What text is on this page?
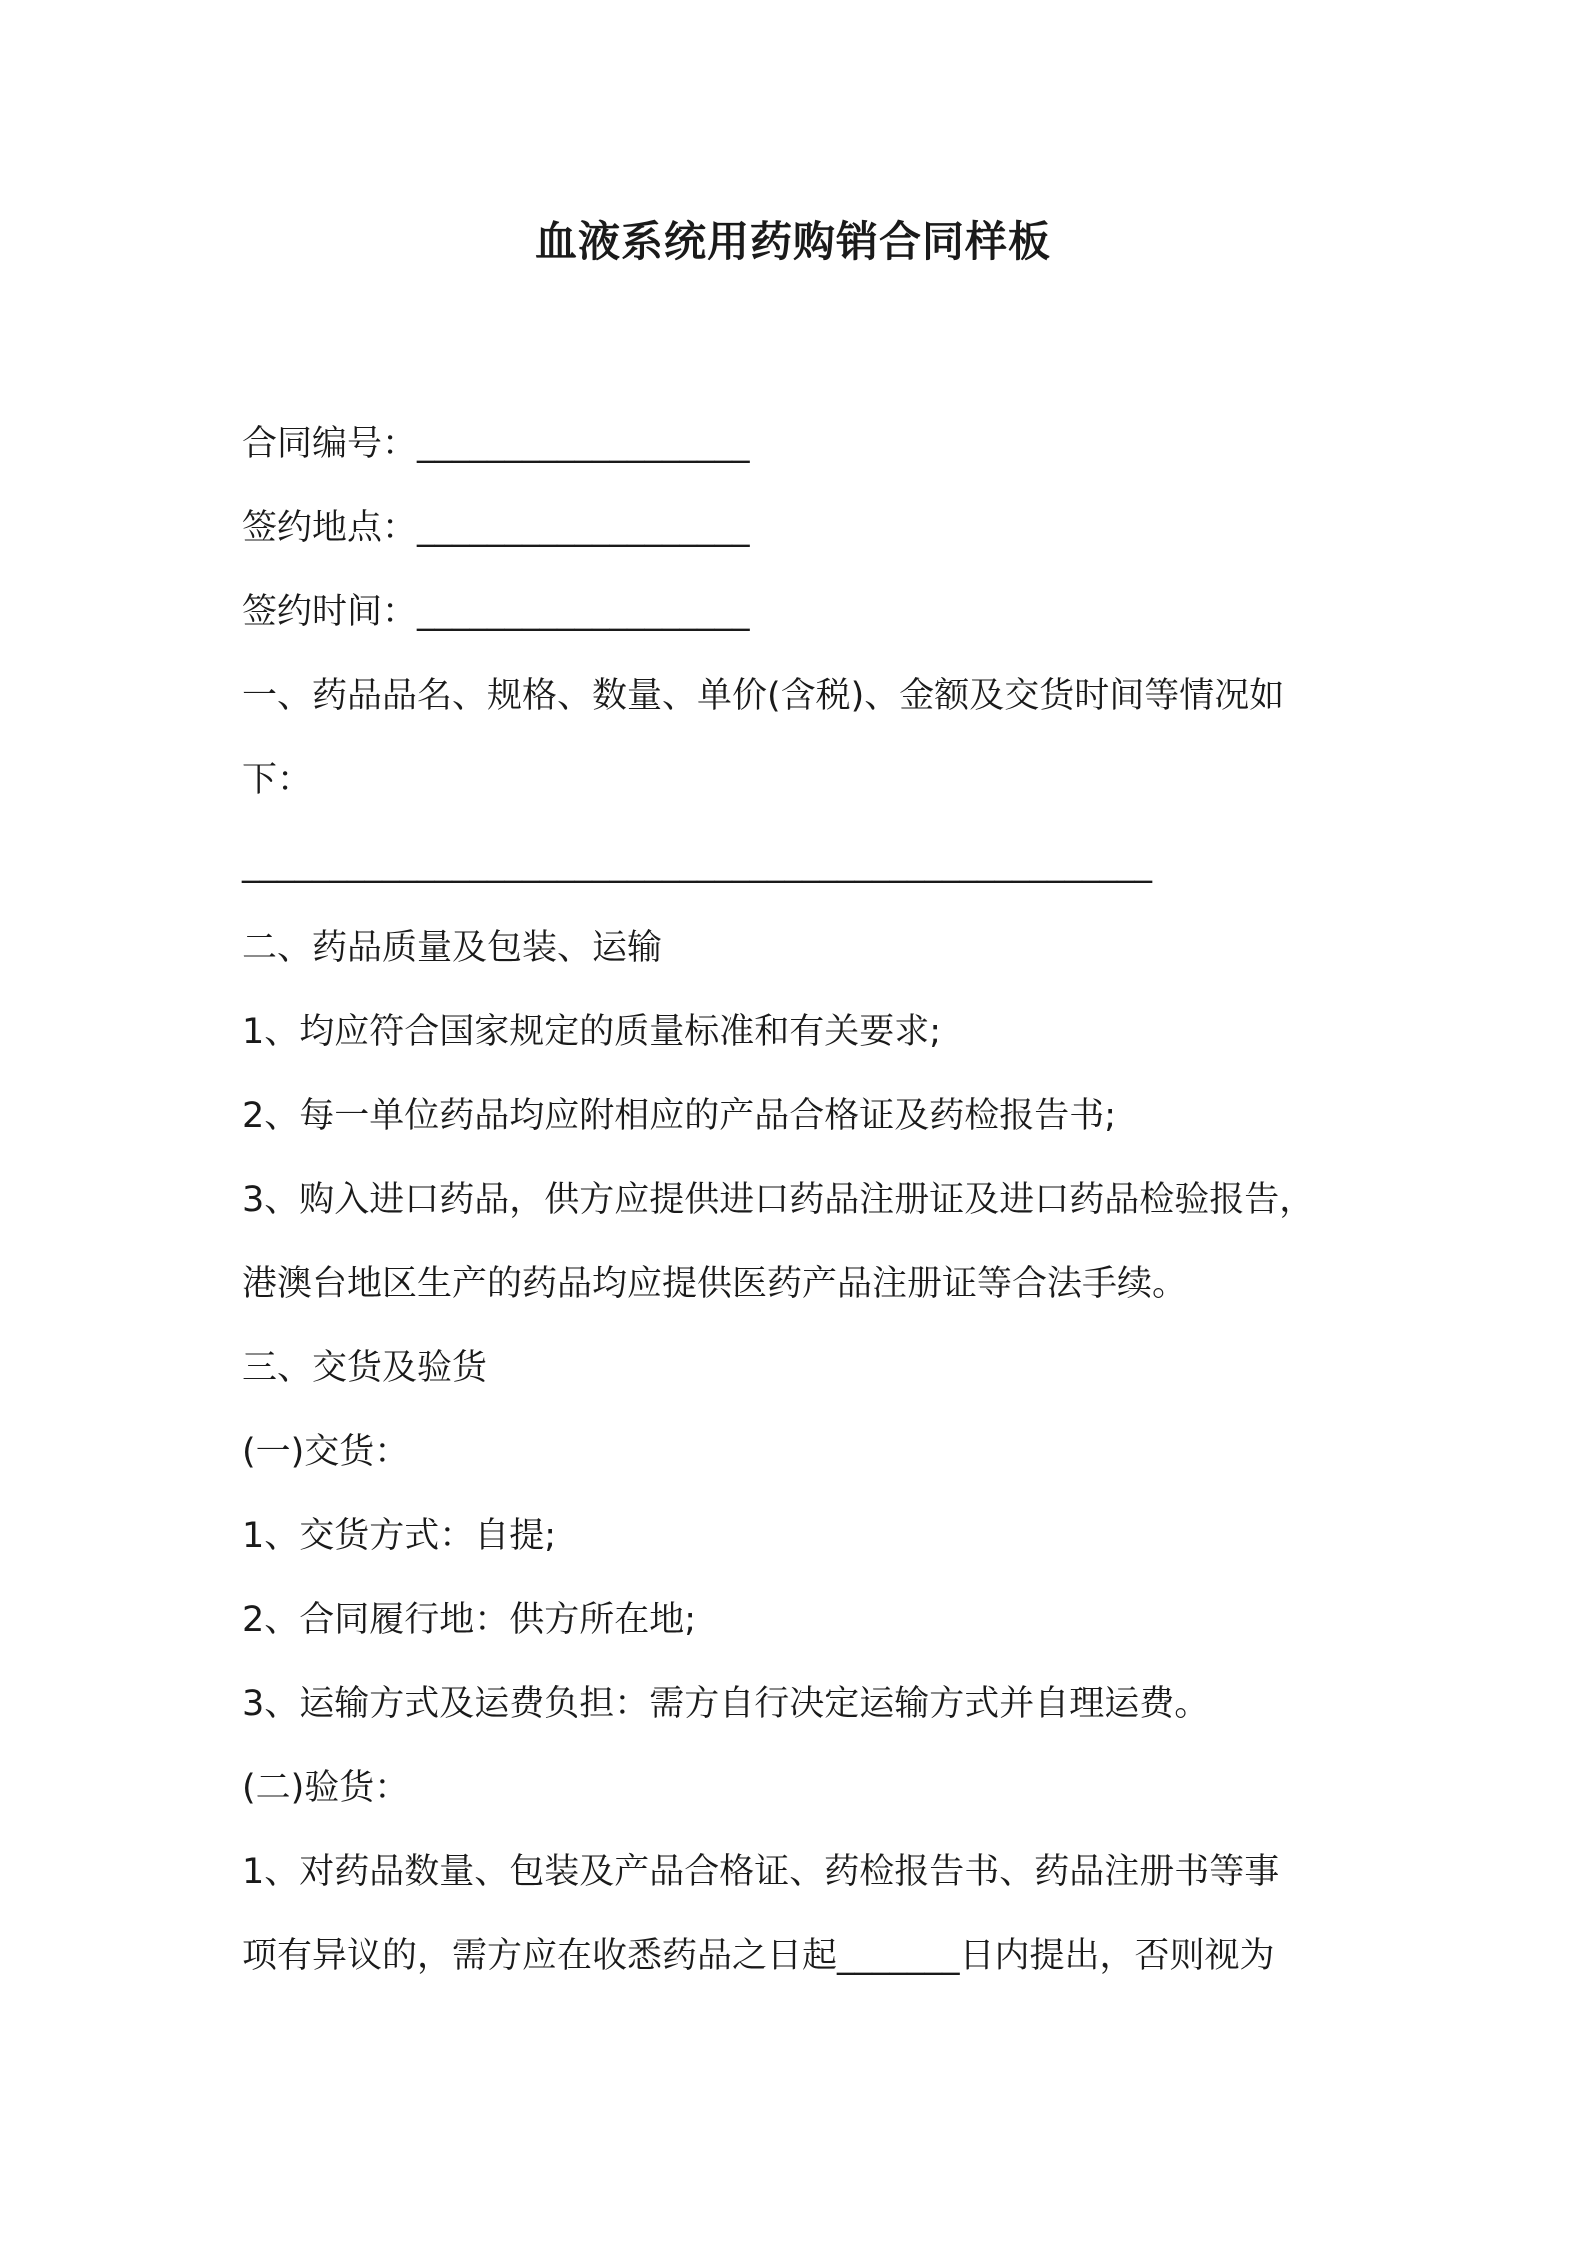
血液系统用药购销合同样板
合同编号：___________________
签约地点：___________________
签约时间：___________________
一、药品品名、规格、数量、单价(含税)、金额及交货时间等情况如
下：
____________________________________________________
二、药品质量及包装、运输
1、均应符合国家规定的质量标准和有关要求;
2、每一单位药品均应附相应的产品合格证及药检报告书;
3、购入进口药品，供方应提供进口药品注册证及进口药品检验报告，
港澳台地区生产的药品均应提供医药产品注册证等合法手续。
三、交货及验货
(一)交货：
1、交货方式：自提;
2、合同履行地：供方所在地;
3、运输方式及运费负担：需方自行决定运输方式并自理运费。
(二)验货：
1、对药品数量、包装及产品合格证、药检报告书、药品注册书等事
项有异议的，需方应在收悉药品之日起_______日内提出，否则视为
